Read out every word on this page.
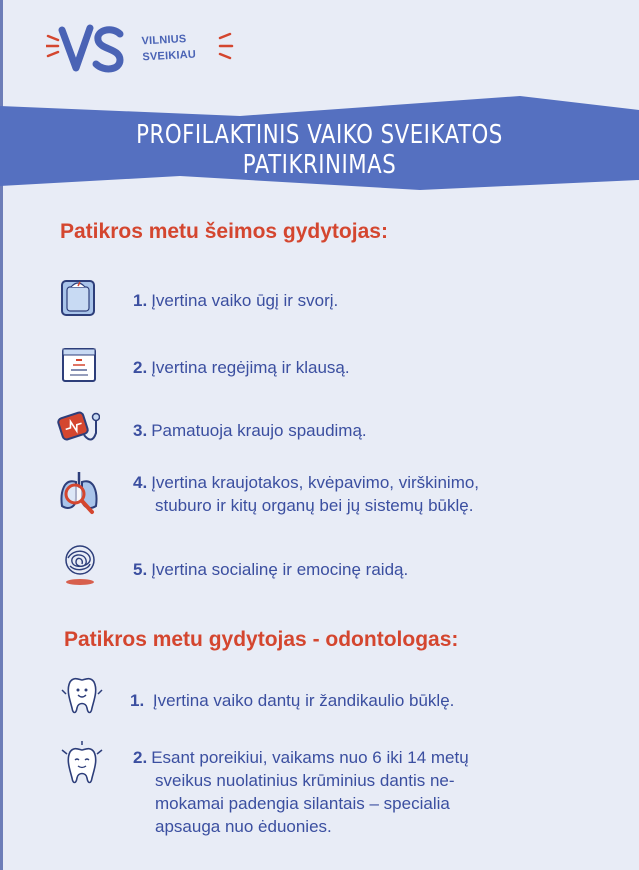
VILNIUS
SVEIKIAU
PROFILAKTINIS VAIKO SVEIKATOS PATIKRINIMAS
Patikros metu šeimos gydytojas:
1. Įvertina vaiko ūgį ir svorį.
2. Įvertina regėjimą ir klausą.
3. Pamatuoja kraujo spaudimą.
4. Įvertina kraujotakos, kvėpavimo, virškinimo,
stuburo ir kitų organų bei jų sistemų būklę.
5. Įvertina socialinę ir emocinę raidą.
Patikros metu gydytojas - odontologas:
1. Įvertina vaiko dantų ir žandikaulio būklę.
2. Esant poreikiui, vaikams nuo 6 iki 14 metų
sveikus nuolatinius krūminius dantis ne-
mokamai padengia silantais – specialia
apsauga nuo ėduonies.
